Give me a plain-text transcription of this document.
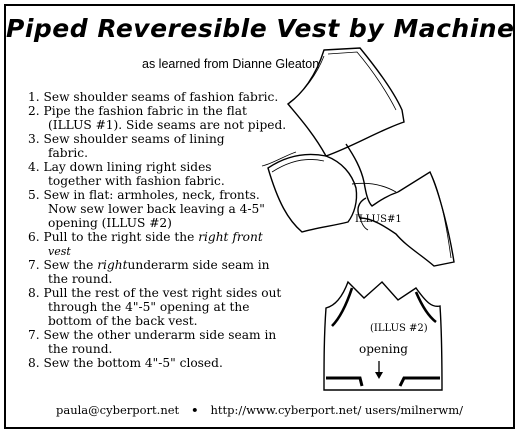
Piped Reveresible Vest by Machine
as learned from Dianne Gleaton
1. Sew shoulder seams of fashion fabric.
2. Pipe the fashion fabric in the flat
(ILLUS #1). Side seams are not piped.
3. Sew shoulder seams of lining
fabric.
4. Lay down lining right sides
together with fashion fabric.
5. Sew in flat: armholes, neck, fronts.
Now sew lower back leaving a 4-5"
opening (ILLUS #2)
6. Pull to the right side the right front
vest
7. Sew the rightunderarm side seam in
the round.
8. Pull the rest of the vest right sides out
through the 4"-5" opening at the
bottom of the back vest.
7. Sew the other underarm side seam in
the round.
8. Sew the bottom 4"-5" closed.
ILLUS#1
(ILLUS #2)
opening
paula@cyberport.net • http://www.cyberport.net/ users/milnerwm/
